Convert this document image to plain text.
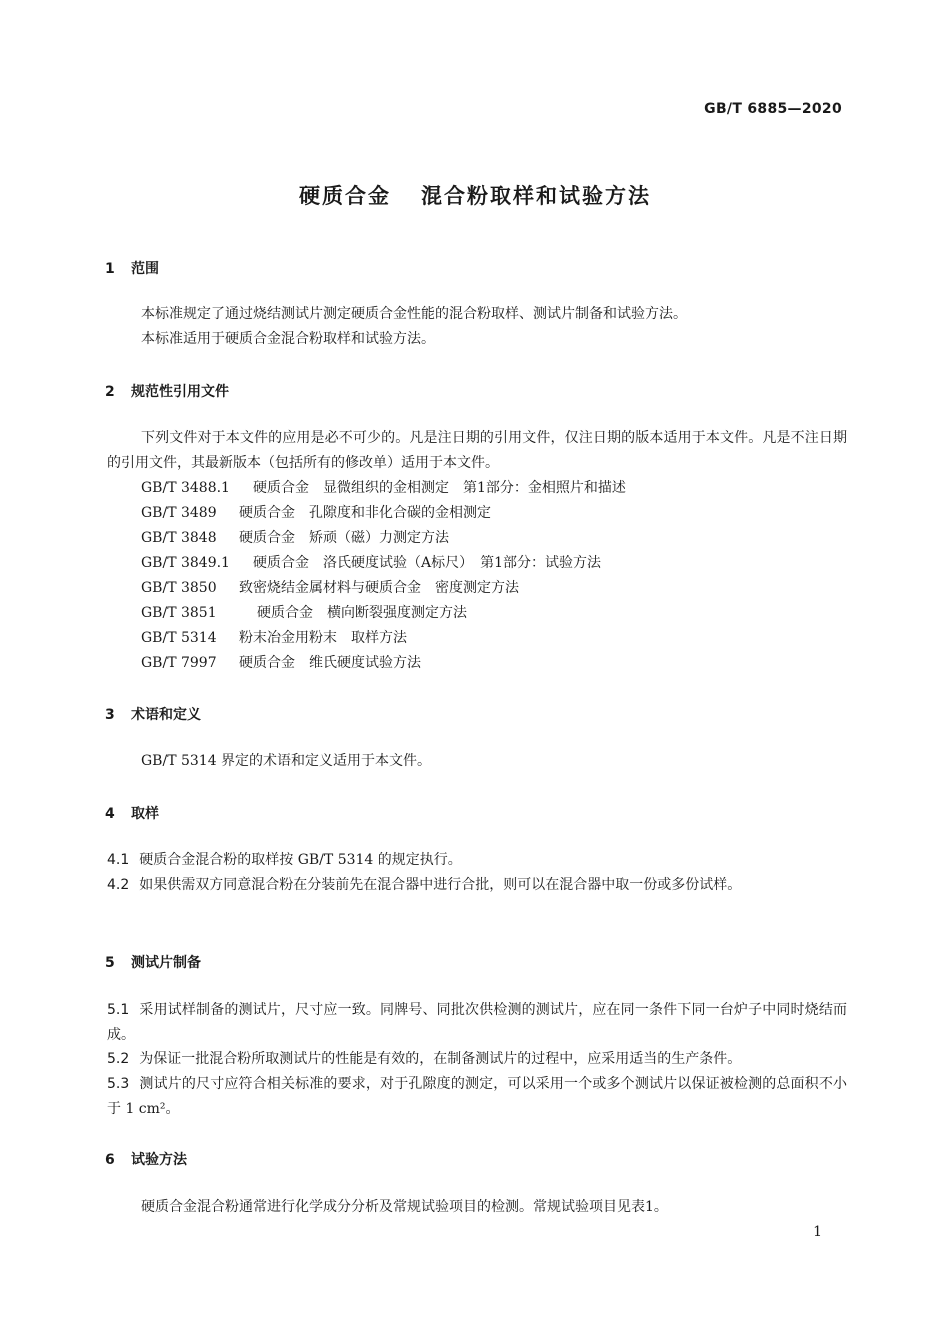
GB/T 6885—2020
硬质合金 混合粉取样和试验方法
1 范围
本标准规定了通过烧结测试片测定硬质合金性能的混合粉取样、测试片制备和试验方法。
本标准适用于硬质合金混合粉取样和试验方法。
2 规范性引用文件
下列文件对于本文件的应用是必不可少的。凡是注日期的引用文件，仅注日期的版本适用于本文件。凡是不注日期的引用文件，其最新版本（包括所有的修改单）适用于本文件。
GB/T 3488.1 硬质合金　显微组织的金相测定　第1部分：金相照片和描述
GB/T 3489 硬质合金　孔隙度和非化合碳的金相测定
GB/T 3848 硬质合金　矫顽（磁）力测定方法
GB/T 3849.1 硬质合金　洛氏硬度试验（A标尺）　第1部分：试验方法
GB/T 3850 致密烧结金属材料与硬质合金　密度测定方法
GB/T 3851	硬质合金　横向断裂强度测定方法
GB/T 5314 粉末冶金用粉末　取样方法
GB/T 7997 硬质合金　维氏硬度试验方法
3 术语和定义
GB/T 5314 界定的术语和定义适用于本文件。
4 取样
4.1 硬质合金混合粉的取样按 GB/T 5314 的规定执行。
4.2 如果供需双方同意混合粉在分装前先在混合器中进行合批，则可以在混合器中取一份或多份试样。
5 测试片制备
5.1 采用试样制备的测试片，尺寸应一致。同牌号、同批次供检测的测试片，应在同一条件下同一台炉子中同时烧结而成。
5.2 为保证一批混合粉所取测试片的性能是有效的，在制备测试片的过程中，应采用适当的生产条件。
5.3 测试片的尺寸应符合相关标准的要求，对于孔隙度的测定，可以采用一个或多个测试片以保证被检测的总面积不小于 1 cm²。
6 试验方法
硬质合金混合粉通常进行化学成分分析及常规试验项目的检测。常规试验项目见表1。
1
